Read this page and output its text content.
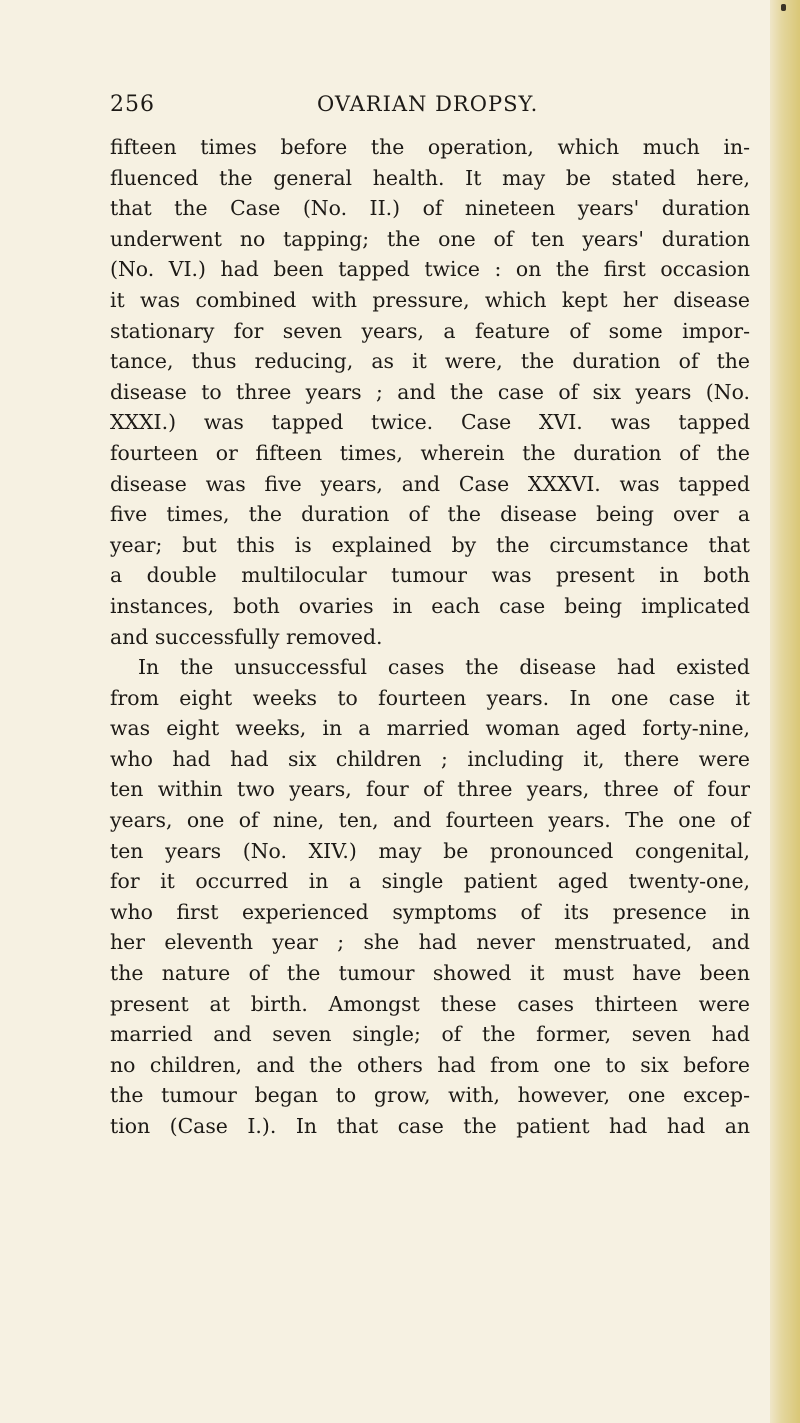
256	OVARIAN DROPSY.
fifteen times before the operation, which much in-
fluenced the general health. It may be stated here,
that the Case (No. II.) of nineteen years' duration
underwent no tapping; the one of ten years' duration
(No. VI.) had been tapped twice : on the first occasion
it was combined with pressure, which kept her disease
stationary for seven years, a feature of some impor-
tance, thus reducing, as it were, the duration of the
disease to three years ; and the case of six years (No.
XXXI.) was tapped twice. Case XVI. was tapped
fourteen or fifteen times, wherein the duration of the
disease was five years, and Case XXXVI. was tapped
five times, the duration of the disease being over a
year; but this is explained by the circumstance that
a double multilocular tumour was present in both
instances, both ovaries in each case being implicated
and successfully removed.
In the unsuccessful cases the disease had existed
from eight weeks to fourteen years. In one case it
was eight weeks, in a married woman aged forty-nine,
who had had six children ; including it, there were
ten within two years, four of three years, three of four
years, one of nine, ten, and fourteen years. The one of
ten years (No. XIV.) may be pronounced congenital,
for it occurred in a single patient aged twenty-one,
who first experienced symptoms of its presence in
her eleventh year ; she had never menstruated, and
the nature of the tumour showed it must have been
present at birth. Amongst these cases thirteen were
married and seven single; of the former, seven had
no children, and the others had from one to six before
the tumour began to grow, with, however, one excep-
tion (Case I.). In that case the patient had had an
